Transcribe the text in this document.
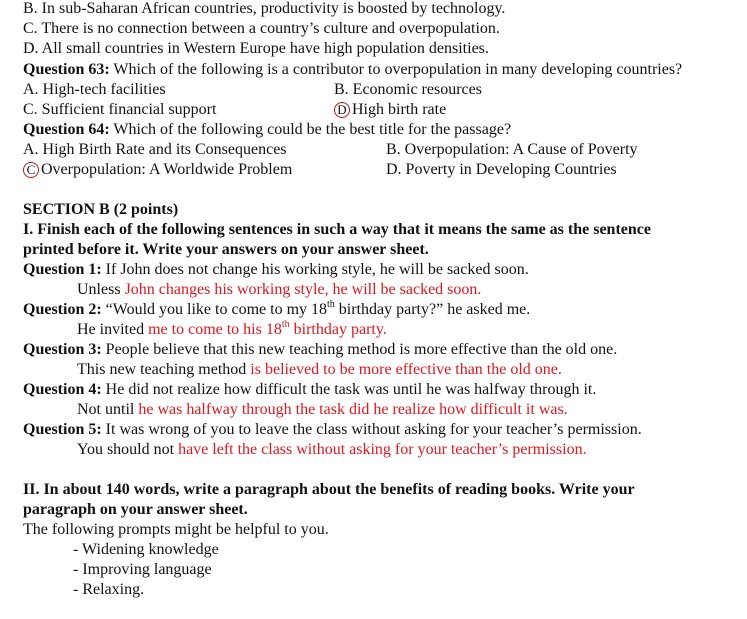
B. In sub-Saharan African countries, productivity is boosted by technology.
C. There is no connection between a country’s culture and overpopulation.
D. All small countries in Western Europe have high population densities.
Question 63: Which of the following is a contributor to overpopulation in many developing countries?
A. High-tech facilities	B. Economic resources
C. Sufficient financial support	D High birth rate
Question 64: Which of the following could be the best title for the passage?
A. High Birth Rate and its Consequences	B. Overpopulation: A Cause of Poverty
C Overpopulation: A Worldwide Problem	D. Poverty in Developing Countries
SECTION B (2 points)
I. Finish each of the following sentences in such a way that it means the same as the sentence
printed before it. Write your answers on your answer sheet.
Question 1: If John does not change his working style, he will be sacked soon.
Unless John changes his working style, he will be sacked soon.
Question 2: “Would you like to come to my 18th birthday party?” he asked me.
He invited me to come to his 18th birthday party.
Question 3: People believe that this new teaching method is more effective than the old one.
This new teaching method is believed to be more effective than the old one.
Question 4: He did not realize how difficult the task was until he was halfway through it.
Not until he was halfway through the task did he realize how difficult it was.
Question 5: It was wrong of you to leave the class without asking for your teacher’s permission.
You should not have left the class without asking for your teacher’s permission.
II. In about 140 words, write a paragraph about the benefits of reading books. Write your
paragraph on your answer sheet.
The following prompts might be helpful to you.
- Widening knowledge
- Improving language
- Relaxing.
